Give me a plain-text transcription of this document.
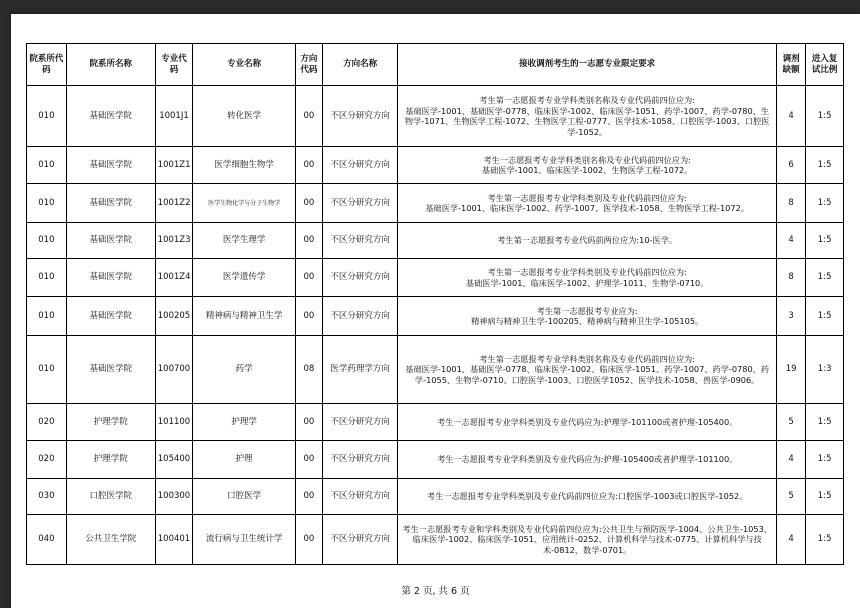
院系所代码	院系所名称	专业代码	专业名称	方向代码	方向名称	接收调剂考生的一志愿专业限定要求	调剂缺额	进入复试比例
010	基础医学院	1001J1	转化医学	00	不区分研究方向	考生第一志愿报考专业学科类别名称及专业代码前四位应为:
基础医学-1001、基础医学-0778、临床医学-1002、临床医学-1051、药学-1007、药学-0780、生物学-1071、生物医学工程-1072、生物医学工程-0777、医学技术-1058、口腔医学-1003、口腔医学-1052。	4	1:5
010	基础医学院	1001Z1	医学细胞生物学	00	不区分研究方向	考生一志愿报考专业学科类别名称及专业代码前四位应为:
基础医学-1001、临床医学-1002、生物医学工程-1072。	6	1:5
010	基础医学院	1001Z2	医学生物化学与分子生物学	00	不区分研究方向	考生第一志愿报考专业学科类别及专业代码前四位应为:
基础医学-1001、临床医学-1002、药学-1007、医学技术-1058、生物医学工程-1072。	8	1:5
010	基础医学院	1001Z3	医学生理学	00	不区分研究方向	考生第一志愿报考专业代码前两位应为:10-医学。	4	1:5
010	基础医学院	1001Z4	医学遗传学	00	不区分研究方向	考生第一志愿报考专业学科类别及专业代码前四位应为:
基础医学-1001、临床医学-1002、护理学-1011、生物学-0710。	8	1:5
010	基础医学院	100205	精神病与精神卫生学	00	不区分研究方向	考生第一志愿报考专业应为:
精神病与精神卫生学-100205、精神病与精神卫生学-105105。	3	1:5
010	基础医学院	100700	药学	08	医学药理学方向	考生第一志愿报考专业学科类别名称及专业代码前四位应为:
基础医学-1001、基础医学-0778、临床医学-1002、临床医学-1051、药学-1007、药学-0780、药学-1055、生物学-0710、口腔医学-1003、口腔医学1052、医学技术-1058、兽医学-0906。	19	1:3
020	护理学院	101100	护理学	00	不区分研究方向	考生一志愿报考专业学科类别及专业代码应为:护理学-101100或者护理-105400。	5	1:5
020	护理学院	105400	护理	00	不区分研究方向	考生一志愿报考专业学科类别及专业代码应为:护理-105400或者护理学-101100。	4	1:5
030	口腔医学院	100300	口腔医学	00	不区分研究方向	考生一志愿报考专业学科类别及专业代码前四位应为:口腔医学-1003或口腔医学-1052。	5	1:5
040	公共卫生学院	100401	流行病与卫生统计学	00	不区分研究方向	考生一志愿报考专业和学科类别及专业代码前四位应为:公共卫生与预防医学-1004、公共卫生-1053、临床医学-1002、临床医学-1051、应用统计-0252、计算机科学与技术-0775、计算机科学与技术-0812、数学-0701。	4	1:5
第 2 页, 共 6 页
